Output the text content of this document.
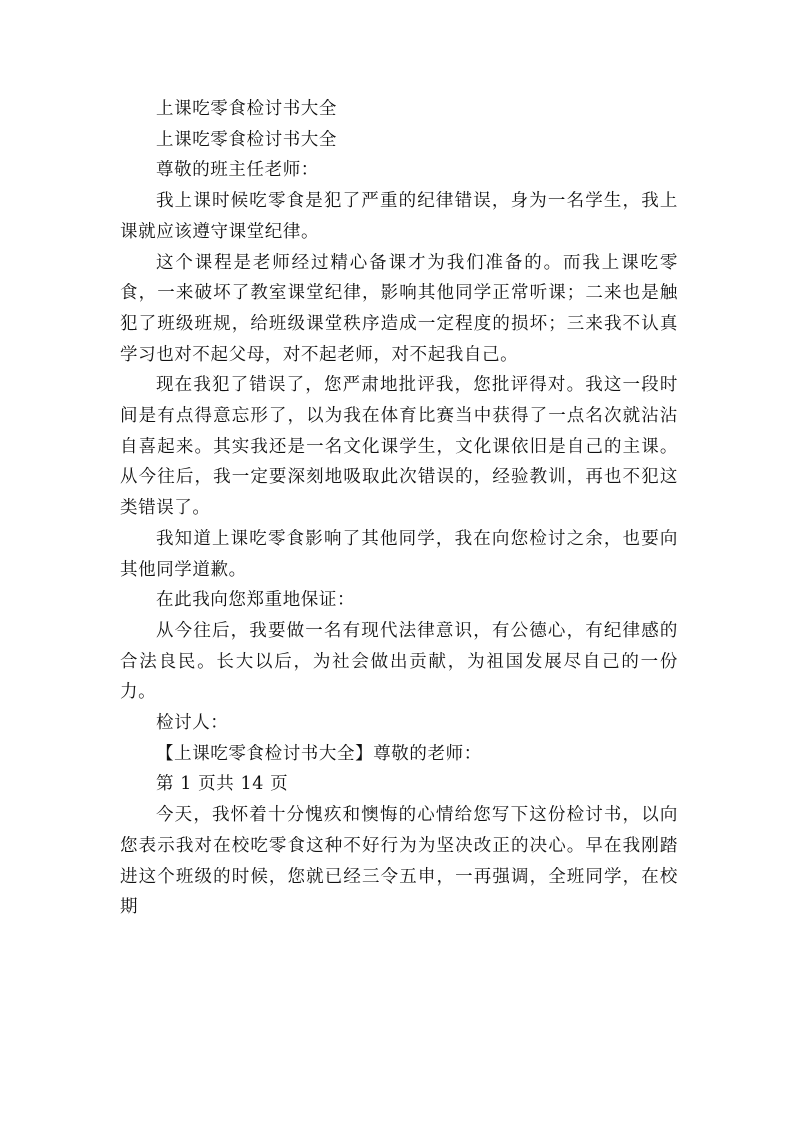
上课吃零食检讨书大全

上课吃零食检讨书大全

尊敬的班主任老师：

我上课时候吃零食是犯了严重的纪律错误，身为一名学生，我上课就应该遵守课堂纪律。

这个课程是老师经过精心备课才为我们准备的。而我上课吃零食，一来破坏了教室课堂纪律，影响其他同学正常听课；二来也是触犯了班级班规，给班级课堂秩序造成一定程度的损坏；三来我不认真学习也对不起父母，对不起老师，对不起我自己。

现在我犯了错误了，您严肃地批评我，您批评得对。我这一段时间是有点得意忘形了，以为我在体育比赛当中获得了一点名次就沾沾自喜起来。其实我还是一名文化课学生，文化课依旧是自己的主课。从今往后，我一定要深刻地吸取此次错误的，经验教训，再也不犯这类错误了。

我知道上课吃零食影响了其他同学，我在向您检讨之余，也要向其他同学道歉。

在此我向您郑重地保证：

从今往后，我要做一名有现代法律意识，有公德心，有纪律感的合法良民。长大以后，为社会做出贡献，为祖国发展尽自己的一份力。

检讨人：

【上课吃零食检讨书大全】尊敬的老师：

第 1 页共 14 页

今天，我怀着十分愧疚和懊悔的心情给您写下这份检讨书，以向您表示我对在校吃零食这种不好行为为坚决改正的决心。早在我刚踏进这个班级的时候，您就已经三令五申，一再强调，全班同学，在校期
